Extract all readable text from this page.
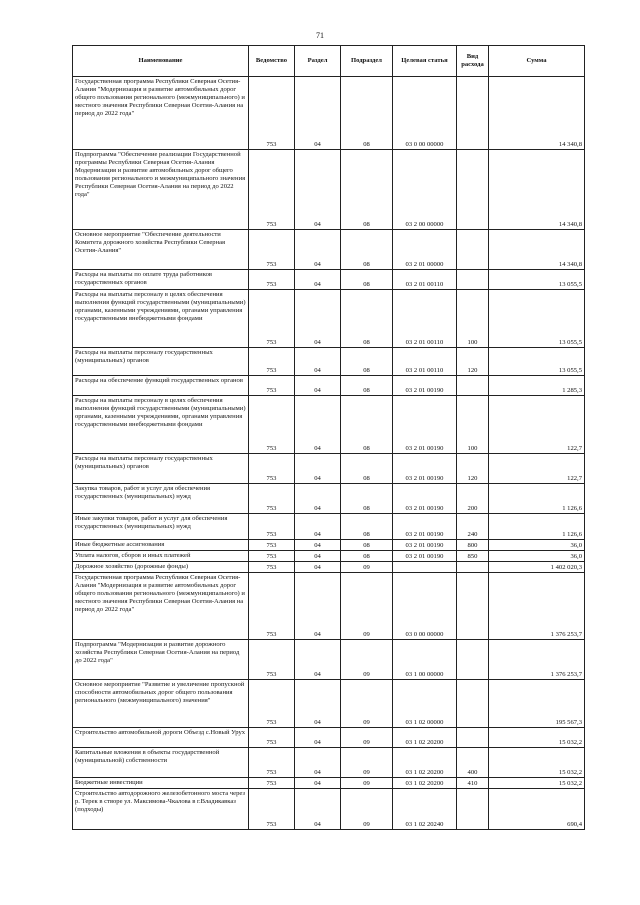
71
Наименование	Ведомство	Раздел	Подраздел	Целевая статья	Вид расхода	Сумма
Государственная программа Республики Северная Осетия-Алания "Модернизация и развитие автомобильных дорог общего пользования регионального (межмуниципального) и местного значения Республики Северная Осетия-Алания на период до 2022 года"	753	04	08	03 0 00 00000		14 340,8
Подпрограмма "Обеспечение реализации Государственной программы Республики Северная Осетия-Алания Модернизация и развитие автомобильных дорог общего пользования регионального и межмуниципального значения Республики Северная Осетия-Алания на период до 2022 года"	753	04	08	03 2 00 00000		14 340,8
Основное мероприятие "Обеспечение деятельности Комитета дорожного хозяйства Республики Северная Осетия-Алания"	753	04	08	03 2 01 00000		14 340,8
Расходы на выплаты по оплате труда работников государственных органов	753	04	08	03 2 01 00110		13 055,5
Расходы на выплаты персоналу в целях обеспечения выполнения функций государственными (муниципальными) органами, казенными учреждениями, органами управления государственными внебюджетными фондами	753	04	08	03 2 01 00110	100	13 055,5
Расходы на выплаты персоналу государственных (муниципальных) органов	753	04	08	03 2 01 00110	120	13 055,5
Расходы на обеспечение функций государственных органов	753	04	08	03 2 01 00190		1 285,3
Расходы на выплаты персоналу в целях обеспечения выполнения функций государственными (муниципальными) органами, казенными учреждениями, органами управления государственными внебюджетными фондами	753	04	08	03 2 01 00190	100	122,7
Расходы на выплаты персоналу государственных (муниципальных) органов	753	04	08	03 2 01 00190	120	122,7
Закупка товаров, работ и услуг для обеспечения государственных (муниципальных) нужд	753	04	08	03 2 01 00190	200	1 126,6
Иные закупки товаров, работ и услуг для обеспечения государственных (муниципальных) нужд	753	04	08	03 2 01 00190	240	1 126,6
Иные бюджетные ассигнования	753	04	08	03 2 01 00190	800	36,0
Уплата налогов, сборов и иных платежей	753	04	08	03 2 01 00190	850	36,0
Дорожное хозяйство (дорожные фонды)	753	04	09			1 402 020,3
Государственная программа Республики Северная Осетия-Алания "Модернизация и развитие автомобильных дорог общего пользования регионального (межмуниципального) и местного значения Республики Северная Осетия-Алания на период до 2022 года"	753	04	09	03 0 00 00000		1 376 253,7
Подпрограмма "Модернизация и развитие дорожного хозяйства Республики Северная Осетия-Алания на период до 2022 года"	753	04	09	03 1 00 00000		1 376 253,7
Основное мероприятие "Развитие и увеличение пропускной способности автомобильных дорог общего пользования регионального (межмуниципального) значения"	753	04	09	03 1 02 00000		195 567,3
Строительство автомобильной дороги Объезд с.Новый Урух	753	04	09	03 1 02 20200		15 032,2
Капитальные вложения в объекты государственной (муниципальной) собственности	753	04	09	03 1 02 20200	400	15 032,2
Бюджетные инвестиции	753	04	09	03 1 02 20200	410	15 032,2
Строительство автодорожного железобетонного моста через р. Терек в створе ул. Максимова-Чкалова в г.Владикавказ (подходы)	753	04	09	03 1 02 20240		690,4
